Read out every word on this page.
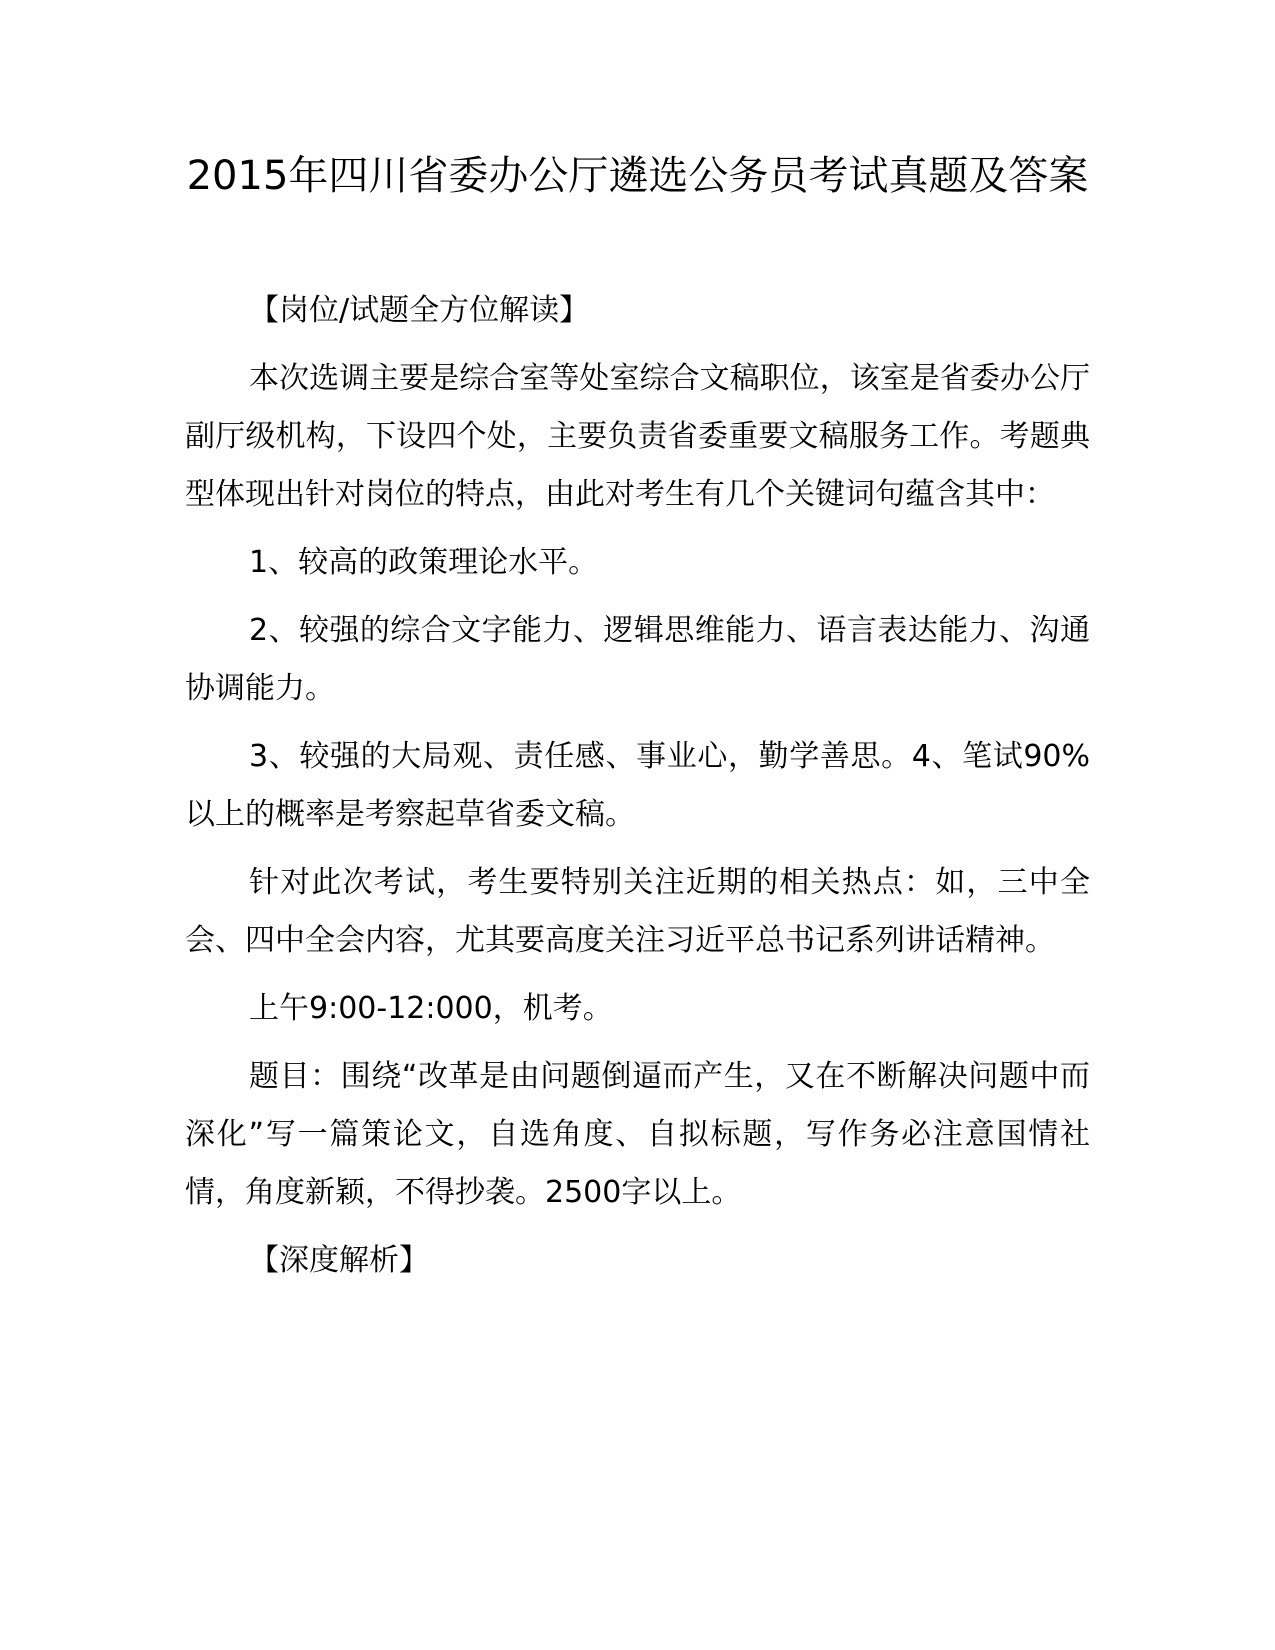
2015年四川省委办公厅遴选公务员考试真题及答案

【岗位/试题全方位解读】

本次选调主要是综合室等处室综合文稿职位，该室是省委办公厅副厅级机构，下设四个处，主要负责省委重要文稿服务工作。考题典型体现出针对岗位的特点，由此对考生有几个关键词句蕴含其中：

1、较高的政策理论水平。

2、较强的综合文字能力、逻辑思维能力、语言表达能力、沟通协调能力。

3、较强的大局观、责任感、事业心，勤学善思。4、笔试90%以上的概率是考察起草省委文稿。

针对此次考试，考生要特别关注近期的相关热点：如，三中全会、四中全会内容，尤其要高度关注习近平总书记系列讲话精神。

上午9:00-12:000，机考。

题目：围绕“改革是由问题倒逼而产生，又在不断解决问题中而深化”写一篇策论文，自选角度、自拟标题，写作务必注意国情社情，角度新颖，不得抄袭。2500字以上。

【深度解析】
